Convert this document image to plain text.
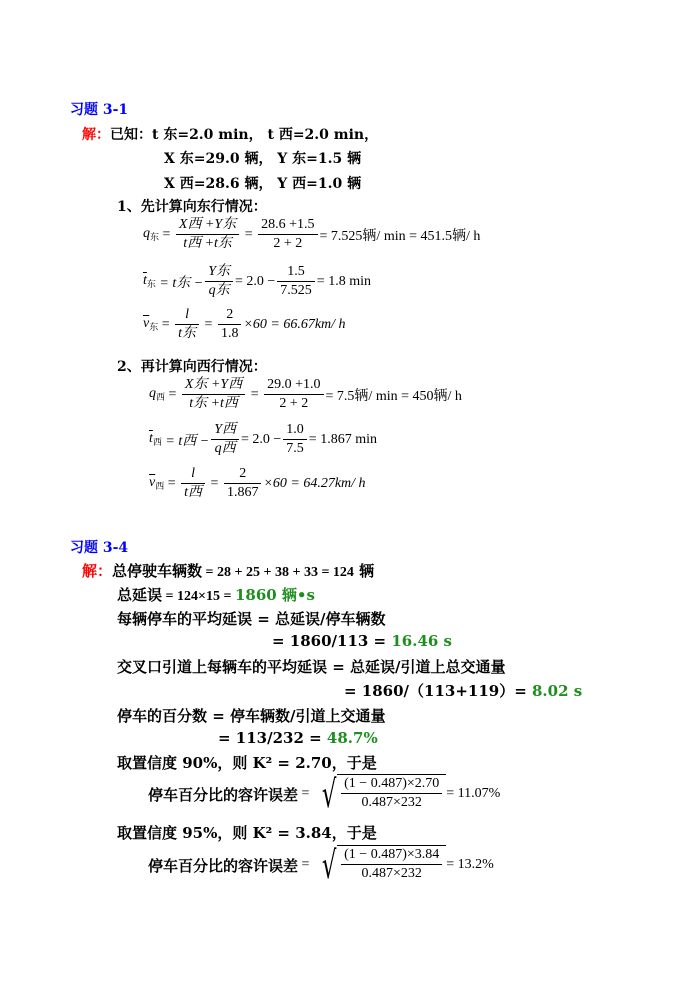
习题 3-1
解：已知：t 东=2.0 min， t 西=2.0 min，
X 东=29.0 辆， Y 东=1.5 辆
X 西=28.6 辆， Y 西=1.0 辆
1、先计算向东行情况：
$q_东 = \frac{\text{X西 +Y东}}{\text{t西 +t东}} = \frac{28.6 +1.5}{2 + 2} = 7.525$辆/ min = 451.5辆/ h
$\overline{t}_东$
= t东 − $\frac{\text{Y东}}{\text{q东}} = 2.0 - \frac{1.5}{7.525} = 1.8$ min
$\overline{v}_东 = \frac{l}{\text{t东}} = \frac{2}{1.8} \times 60 = 66.67km/$ h
2、再计算向西行情况：
$q_西 = \frac{\text{X东 +Y西}}{\text{t东 +t西}} = \frac{29.0 +1.0}{2 + 2} = 7.5$辆/ min = 450辆/ h
$\overline{t}_西$
= t西 − $\frac{\text{Y西}}{\text{q西}} = 2.0 - \frac{1.0}{7.5} = 1.867$ min
$\overline{v}_西 = \frac{l}{\text{t西}} = \frac{2}{1.867} \times 60 = 64.27km/$ h
习题 3-4
解：总停驶车辆数 = 28 + 25 + 38 + 33 = 124 辆
总延误 = 124×15 = 1860 辆•s
每辆停车的平均延误 = 总延误/停车辆数
= 1860/113 = 16.46 s
交叉口引道上每辆车的平均延误 = 总延误/引道上总交通量
= 1860/（113+119）= 8.02 s
停车的百分数 = 停车辆数/引道上交通量
= 113/232 = 48.7%
取置信度 90%，则 K² = 2.70，于是
停车百分比的容许误差 = √ $\frac{(1 - 0.487)\times 2.70}{0.487\times 232} = 11.07\%$
取置信度 95%，则 K² = 3.84，于是
停车百分比的容许误差 = √ $\frac{(1 - 0.487)\times 3.84}{0.487\times 232} = 13.2\%$
